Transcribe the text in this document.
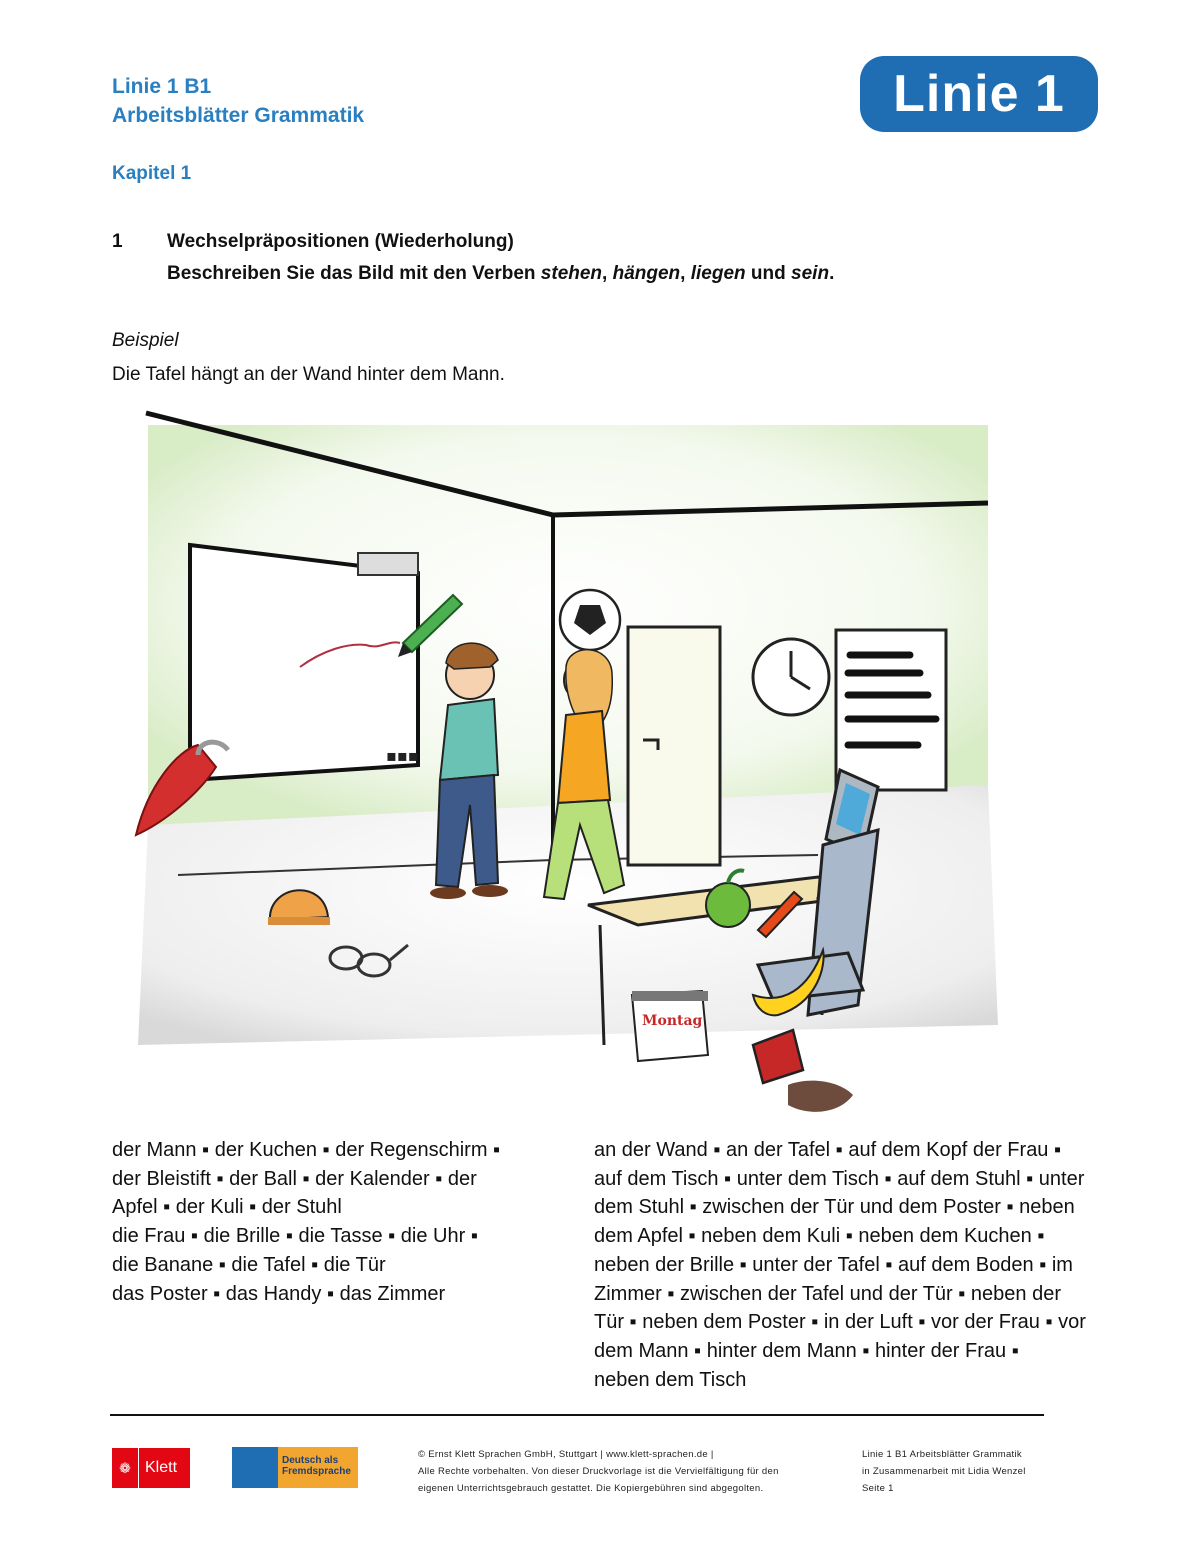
Linie 1 B1
Arbeitsblätter Grammatik	Linie 1
Kapitel 1
1 Wechselpräpositionen (Wiederholung)
Beschreiben Sie das Bild mit den Verben stehen, hängen, liegen und sein.
Beispiel
Die Tafel hängt an der Wand hinter dem Mann.
▪▪▪
Montag
der Mann ▪ der Kuchen ▪ der Regenschirm ▪
der Bleistift ▪ der Ball ▪ der Kalender ▪ der
Apfel ▪ der Kuli ▪ der Stuhl
die Frau ▪ die Brille ▪ die Tasse ▪ die Uhr ▪
die Banane ▪ die Tafel ▪ die Tür
das Poster ▪ das Handy ▪ das Zimmer
an der Wand ▪ an der Tafel ▪ auf dem Kopf der Frau ▪
auf dem Tisch ▪ unter dem Tisch ▪ auf dem Stuhl ▪ unter
dem Stuhl ▪ zwischen der Tür und dem Poster ▪ neben
dem Apfel ▪ neben dem Kuli ▪ neben dem Kuchen ▪
neben der Brille ▪ unter der Tafel ▪ auf dem Boden ▪ im
Zimmer ▪ zwischen der Tafel und der Tür ▪ neben der
Tür ▪ neben dem Poster ▪ in der Luft ▪ vor der Frau ▪ vor
dem Mann ▪ hinter dem Mann ▪ hinter der Frau ▪
neben dem Tisch
❁ Klett	Deutsch als
Fremdsprache
© Ernst Klett Sprachen GmbH, Stuttgart | www.klett-sprachen.de |
Alle Rechte vorbehalten. Von dieser Druckvorlage ist die Vervielfältigung für den
eigenen Unterrichtsgebrauch gestattet. Die Kopiergebühren sind abgegolten.
Linie 1 B1 Arbeitsblätter Grammatik
in Zusammenarbeit mit Lidia Wenzel
Seite 1
